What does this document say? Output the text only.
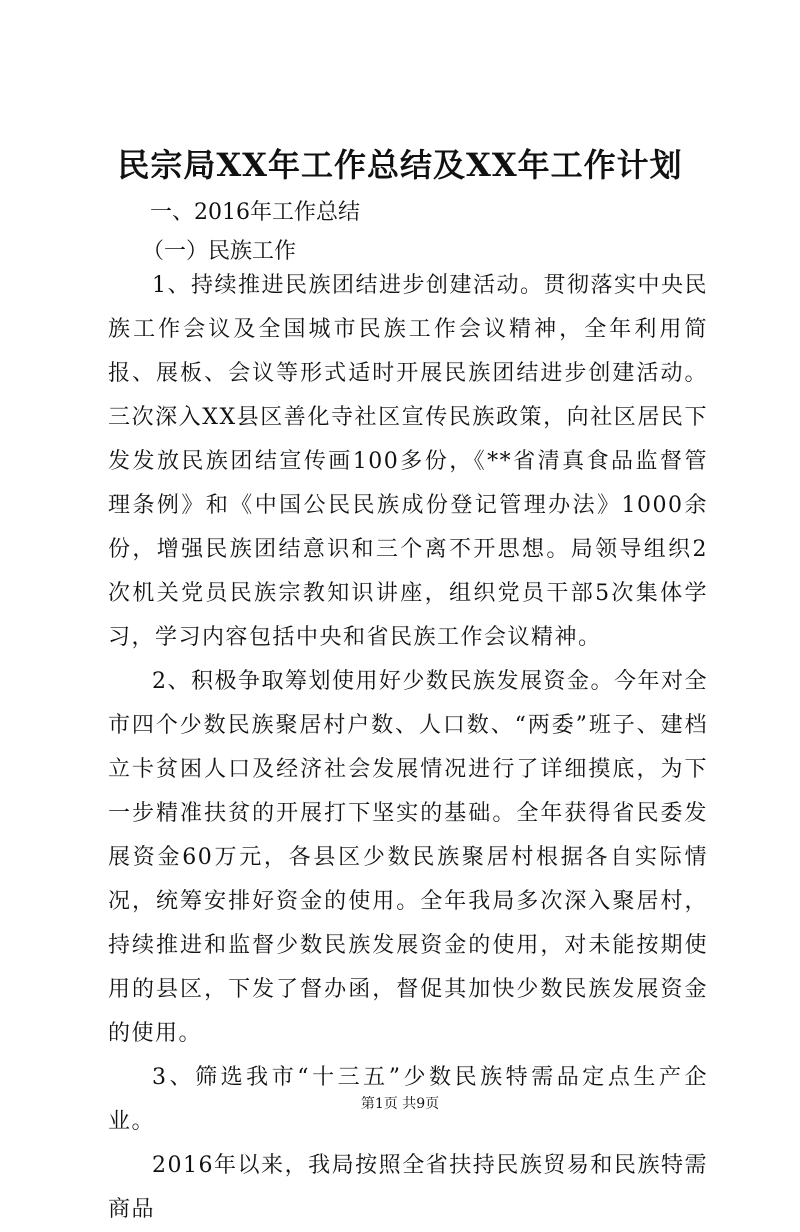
民宗局XX年工作总结及XX年工作计划
一、2016年工作总结
（一）民族工作

1、持续推进民族团结进步创建活动。贯彻落实中央民族工作会议及全国城市民族工作会议精神，全年利用简报、展板、会议等形式适时开展民族团结进步创建活动。三次深入XX县区善化寺社区宣传民族政策，向社区居民下发发放民族团结宣传画100多份，《**省清真食品监督管理条例》和《中国公民民族成份登记管理办法》1000余份，增强民族团结意识和三个离不开思想。局领导组织2次机关党员民族宗教知识讲座，组织党员干部5次集体学习，学习内容包括中央和省民族工作会议精神。

2、积极争取筹划使用好少数民族发展资金。今年对全市四个少数民族聚居村户数、人口数、“两委”班子、建档立卡贫困人口及经济社会发展情况进行了详细摸底，为下一步精准扶贫的开展打下坚实的基础。全年获得省民委发展资金60万元，各县区少数民族聚居村根据各自实际情况，统筹安排好资金的使用。全年我局多次深入聚居村，持续推进和监督少数民族发展资金的使用，对未能按期使用的县区，下发了督办函，督促其加快少数民族发展资金的使用。

3、筛选我市“十三五”少数民族特需品定点生产企业。

2016年以来，我局按照全省扶持民族贸易和民族特需商品

第1页 共9页
